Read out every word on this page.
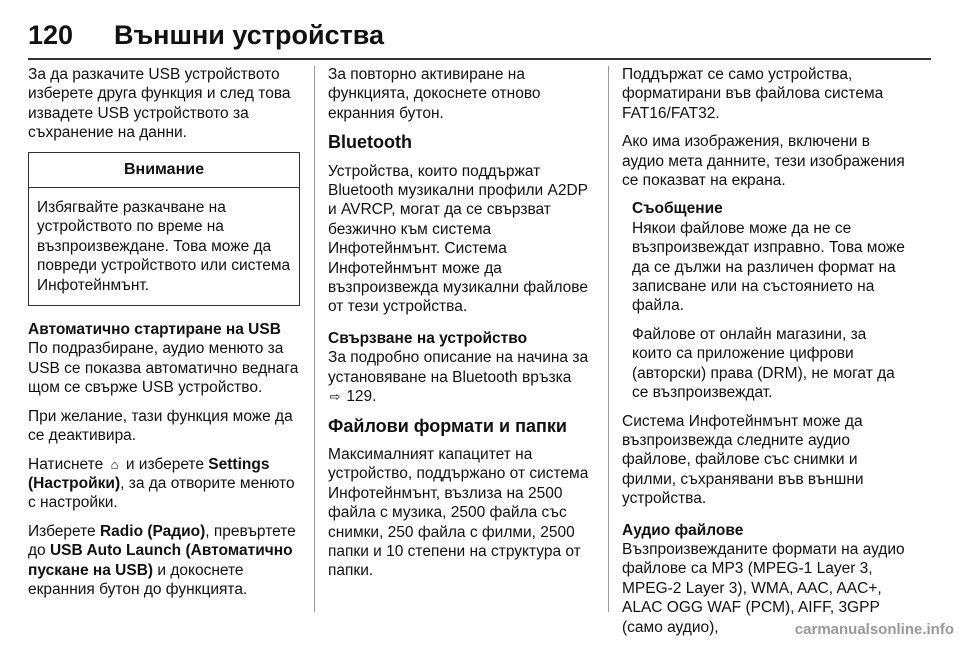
120 Външни устройства

За да разкачите USB устройството изберете друга функция и след това извадете USB устройството за съхранение на данни.

Внимание
Избягвайте разкачване на устройството по време на възпроизвеждане. Това може да повреди устройството или система Инфотейнмънт.

Автоматично стартиране на USB

По подразбиране, аудио менюто за USB се показва автоматично веднага щом се свърже USB устройство.

При желание, тази функция може да се деактивира.

Натиснете ⌂ и изберете Settings (Настройки), за да отворите менюто с настройки.

Изберете Radio (Радио), превъртете до USB Auto Launch (Автоматично пускане на USB) и докоснете екранния бутон до функцията.

За повторно активиране на функцията, докоснете отново екранния бутон.

Bluetooth

Устройства, които поддържат Bluetooth музикални профили A2DP и AVRCP, могат да се свързват безжично към система Инфотейнмънт. Система Инфотейнмънт може да възпроизвежда музикални файлове от тези устройства.

Свързване на устройство

За подробно описание на начина за установяване на Bluetooth връзка
⇨ 129.

Файлови формати и папки

Максималният капацитет на устройство, поддържано от система Инфотейнмънт, възлиза на 2500 файла с музика, 2500 файла със снимки, 250 файла с филми, 2500 папки и 10 степени на структура от папки.

Поддържат се само устройства, форматирани във файлова система FAT16/FAT32.

Ако има изображения, включени в аудио мета данните, тези изображения се показват на екрана.

Съобщение

Някои файлове може да не се възпроизвеждат изправно. Това може да се дължи на различен формат на записване или на състоянието на файла.

Файлове от онлайн магазини, за които са приложение цифрови (авторски) права (DRM), не могат да се възпроизвеждат.

Система Инфотейнмънт може да възпроизвежда следните аудио файлове, файлове със снимки и филми, съхранявани във външни устройства.

Аудио файлове

Възпроизвежданите формати на аудио файлове са MP3 (MPEG-1 Layer 3, MPEG-2 Layer 3), WMA, AAC, AAC+, ALAC OGG WAF (PCM), AIFF, 3GPP (само аудио),	carmanualsonline.info
